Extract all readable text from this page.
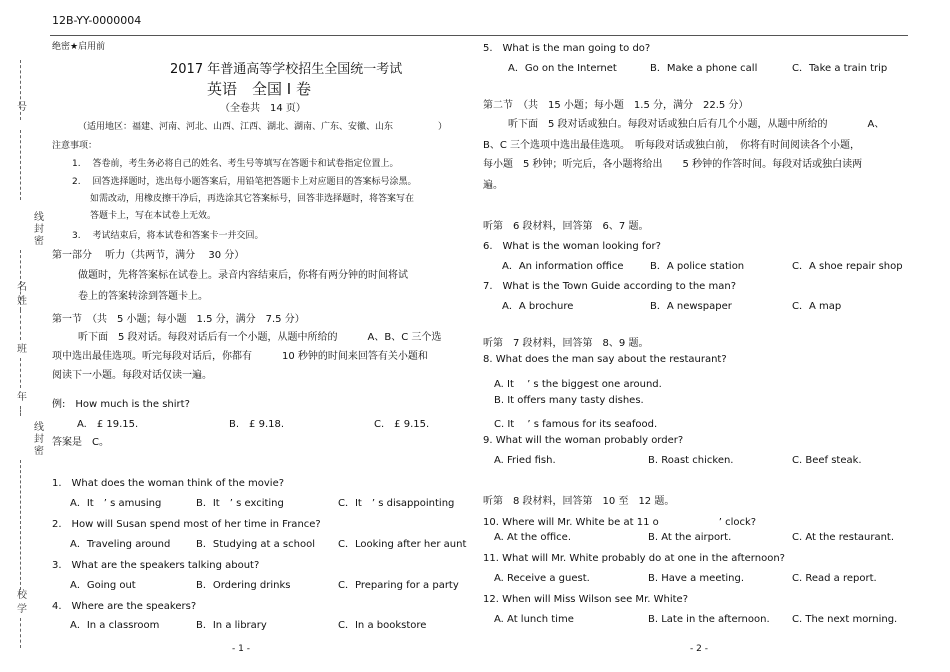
12B-YY-0000004
号
线
封
密
名
姓
班
年
线
封
密
校
学
绝密★启用前
2017 年普通高等学校招生全国统一考试
英语　全国 I 卷
（全卷共　14 页）
（适用地区：福建、河南、河北、山西、江西、湖北、湖南、广东、安徽、山东　　　　　）
注意事项：
1.　 答卷前，考生务必将自己的姓名、考生号等填写在答题卡和试卷指定位置上。
2.　 回答选择题时，选出每小题答案后，用铅笔把答题卡上对应题目的答案标号涂黑。
如需改动，用橡皮擦干净后，再选涂其它答案标号，回答非选择题时，将答案写在
答题卡上，写在本试卷上无效。
3.　 考试结束后，将本试卷和答案卡一并交回。
第一部分　 听力（共两节，满分　 30 分）
做题时，先将答案标在试卷上。录音内容结束后，你将有两分钟的时间将试
卷上的答案转涂到答题卡上。
第一节　（共　5 小题；每小题　1.5 分，满分　7.5 分）
听下面　5 段对话。每段对话后有一个小题，从题中所给的　　　A、B、C 三个选
项中选出最佳选项。听完每段对话后，你都有　　　10 秒钟的时间来回答有关小题和
阅读下一小题。每段对话仅读一遍。
例:　How much is the shirt?
A.　£ 19.15.	B.　£ 9.18.	C.　£ 9.15.
答案是　C。
1.　What does the woman think of the movie?
A．It　’ s amusing	B．It　’ s exciting	C．It　’ s disappointing
2.　How will Susan spend most of her time in France?
A．Traveling around	B．Studying at a school C．Looking after her aunt
3.　What are the speakers talking about?
A．Going out	B．Ordering drinks	C．Preparing for a party
4.　Where are the speakers?
A．In a classroom	B．In a library	C．In a bookstore
- 1 -
5.　What is the man going to do?
A．Go on the Internet	B．Make a phone call	C．Take a train trip
第二节　（共　15 小题；每小题　1.5 分，满分　22.5 分）
听下面　5 段对话或独白。每段对话或独白后有几个小题，从题中所给的　　　　A、
B、C 三个选项中选出最佳选项。　听每段对话或独白前，　你将有时间阅读各个小题，
每小题　5 秒钟；听完后，各小题将给出　　5 秒钟的作答时间。每段对话或独白读两
遍。
听第　6 段材料，回答第　6、7 题。
6.　What is the woman looking for?
A．An information office	B．A police station	C．A shoe repair shop
7.　What is the Town Guide according to the man?
A．A brochure	B．A newspaper	C．A map
听第　7 段材料，回答第　8、9 题。
8. What does the man say about the restaurant?
A. It　 ’ s the biggest one around.
B. It offers many tasty dishes.
C. It　 ’ s famous for its seafood.
9. What will the woman probably order?
A. Fried fish.	B. Roast chicken.	C. Beef steak.
听第　8 段材料，回答第　10 至　12 题。
10. Where will Mr. White be at 11 o　　　　　　’ clock?
A. At the office.	B. At the airport.	C. At the restaurant.
11. What will Mr. White probably do at one in the afternoon?
A. Receive a guest.	B. Have a meeting.	C. Read a report.
12. When will Miss Wilson see Mr. White?
A. At lunch time	B. Late in the afternoon. C. The next morning.
- 2 -
